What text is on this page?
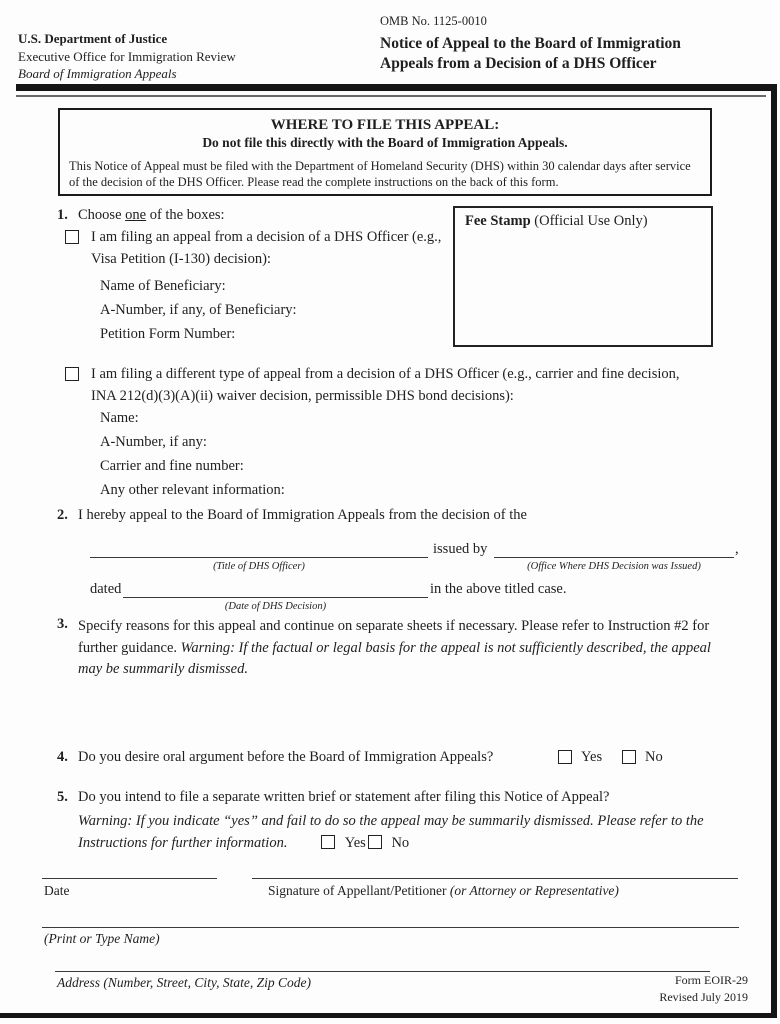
U.S. Department of Justice
Executive Office for Immigration Review
Board of Immigration Appeals
OMB No. 1125-0010
Notice of Appeal to the Board of Immigration
Appeals from a Decision of a DHS Officer
WHERE TO FILE THIS APPEAL:
Do not file this directly with the Board of Immigration Appeals.
This Notice of Appeal must be filed with the Department of Homeland Security (DHS) within 30 calendar days after service of the decision of the DHS Officer. Please read the complete instructions on the back of this form.
Fee Stamp (Official Use Only)
1. Choose one of the boxes:
I am filing an appeal from a decision of a DHS Officer (e.g., Visa Petition (I-130) decision):
Name of Beneficiary:
A-Number, if any, of Beneficiary:
Petition Form Number:
I am filing a different type of appeal from a decision of a DHS Officer (e.g., carrier and fine decision, INA 212(d)(3)(A)(ii) waiver decision, permissible DHS bond decisions):
Name:
A-Number, if any:
Carrier and fine number:
Any other relevant information:
2. I hereby appeal to the Board of Immigration Appeals from the decision of the
issued by	,
(Title of DHS Officer)	(Office Where DHS Decision was Issued)
dated	in the above titled case.
(Date of DHS Decision)
3. Specify reasons for this appeal and continue on separate sheets if necessary. Please refer to Instruction #2 for further guidance. Warning: If the factual or legal basis for the appeal is not sufficiently described, the appeal may be summarily dismissed.
4. Do you desire oral argument before the Board of Immigration Appeals?	Yes	No
5. Do you intend to file a separate written brief or statement after filing this Notice of Appeal?
Warning: If you indicate “yes” and fail to do so the appeal may be summarily dismissed. Please refer to the Instructions for further information.	Yes No
Date	Signature of Appellant/Petitioner (or Attorney or Representative)
(Print or Type Name)
Address (Number, Street, City, State, Zip Code)	Form EOIR-29
Revised July 2019
